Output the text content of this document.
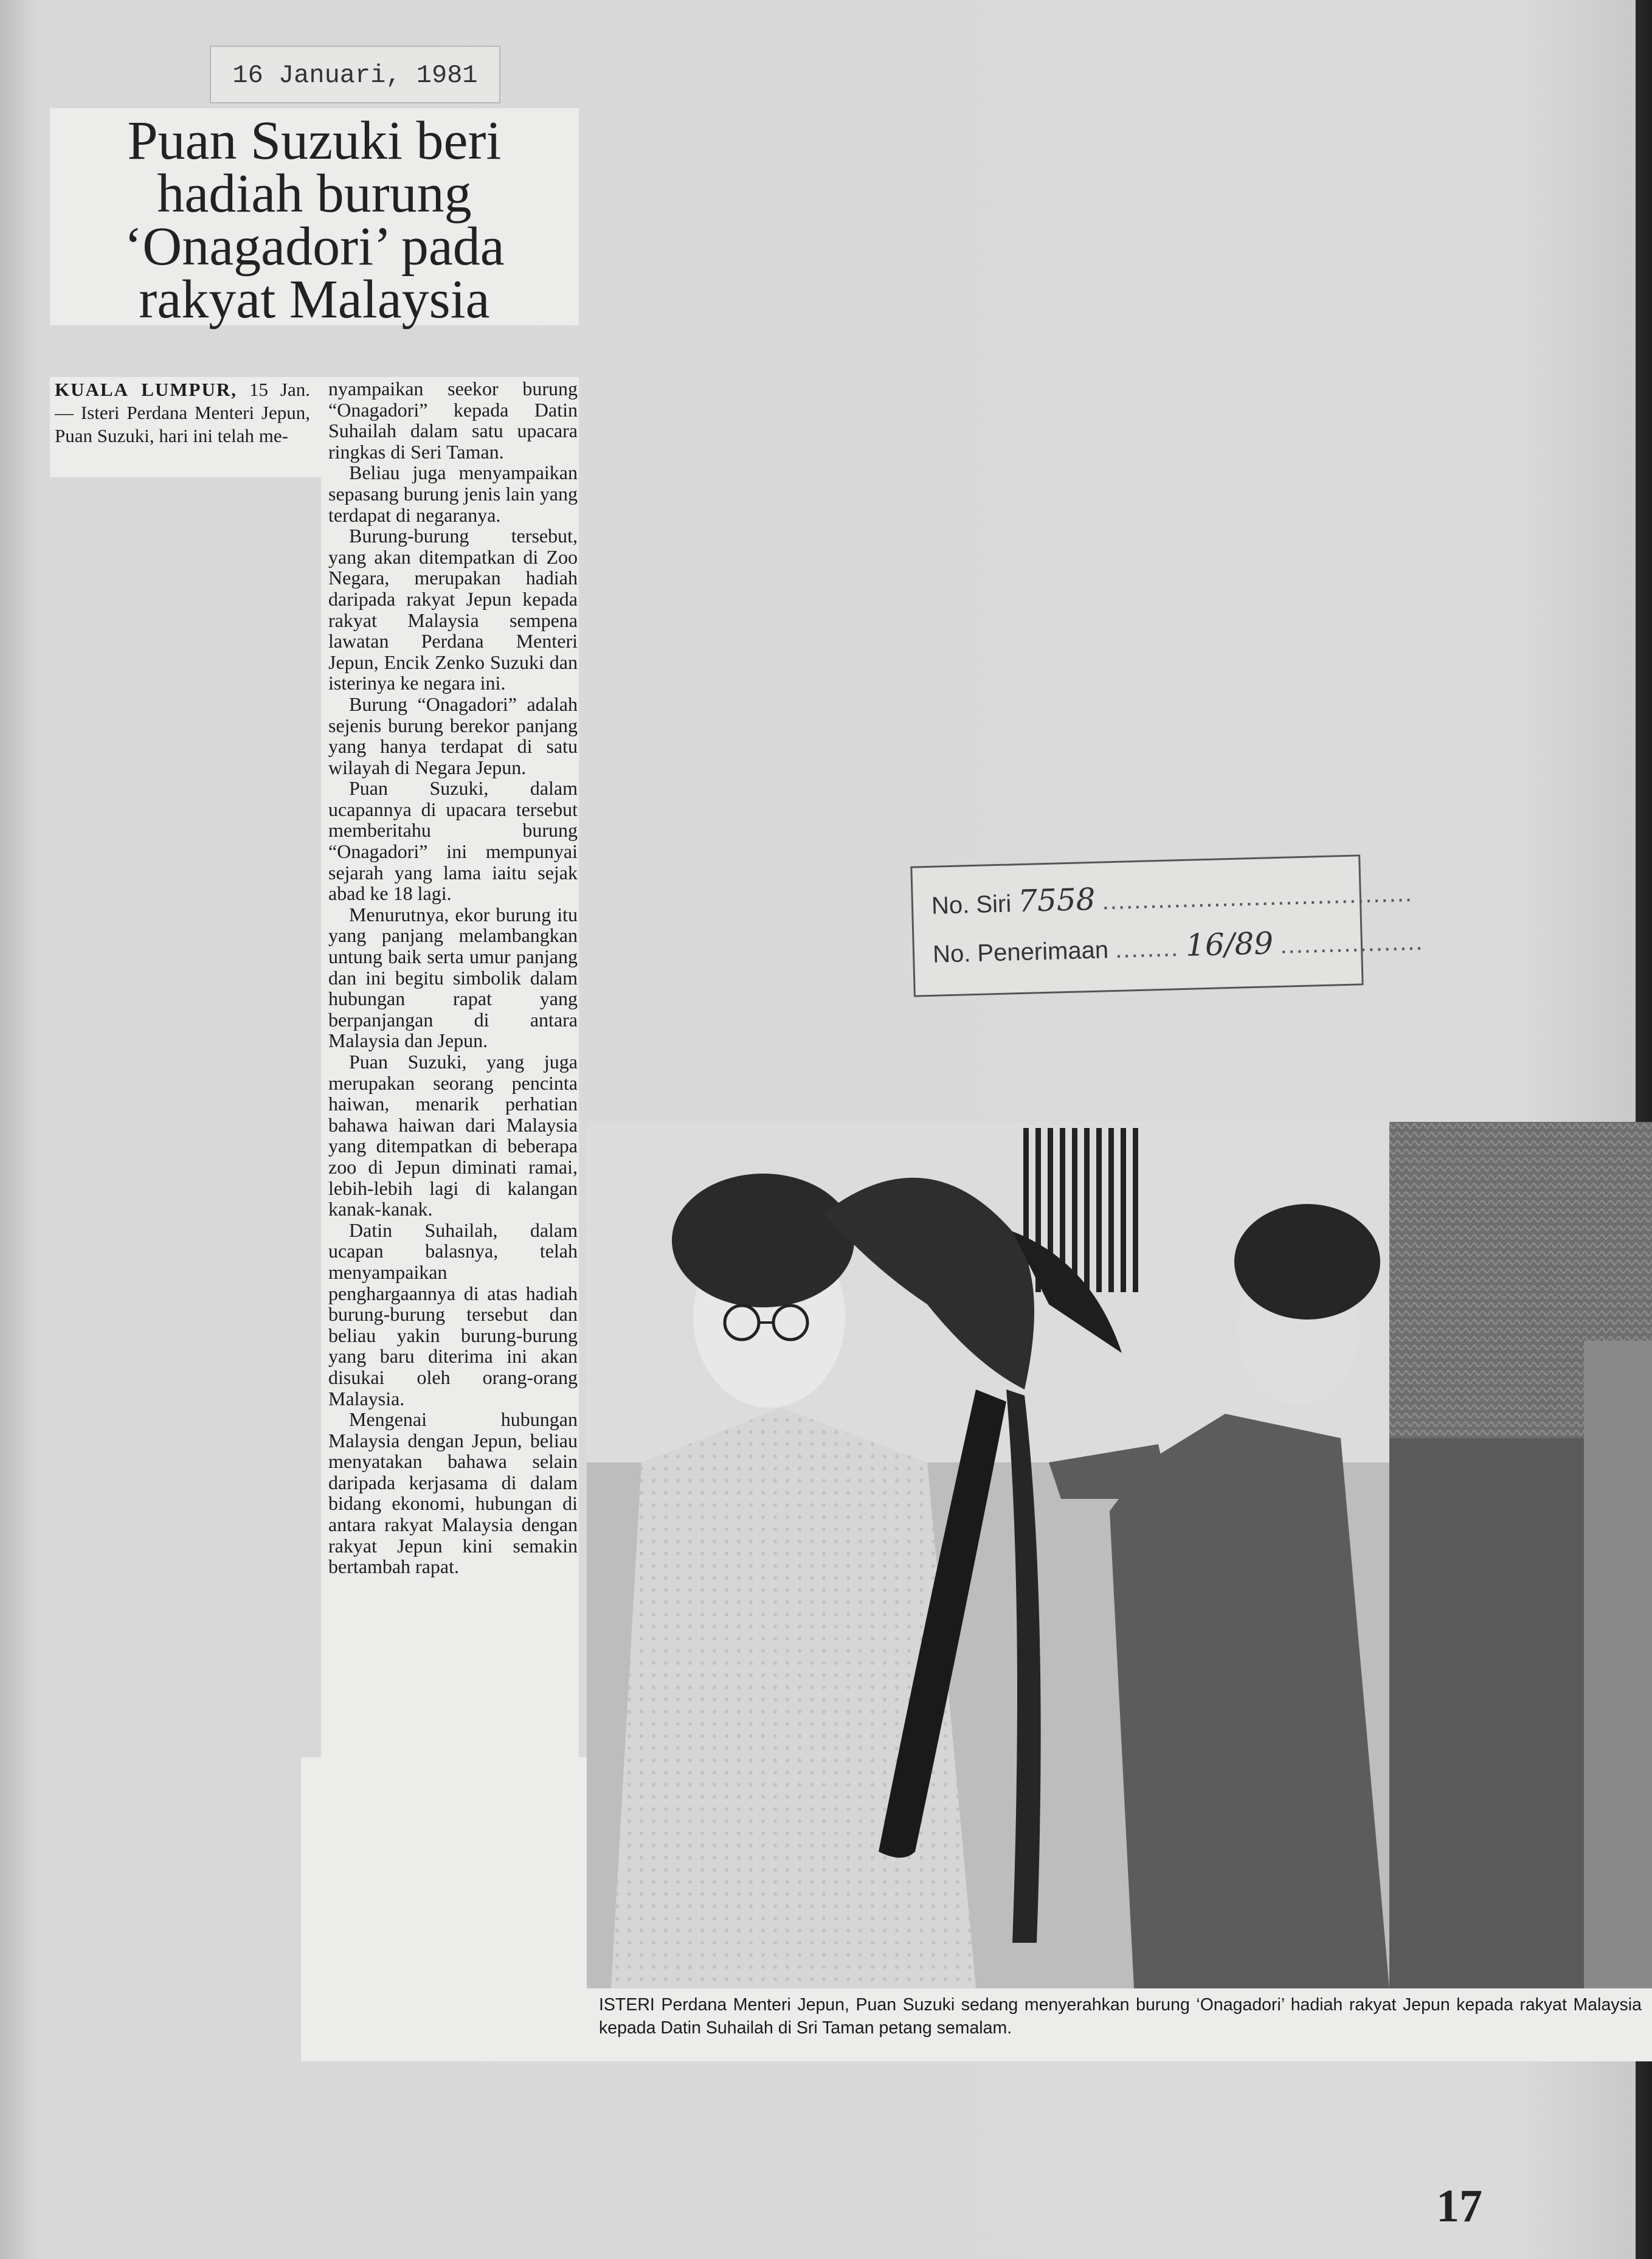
16 Januari, 1981
Puan Suzuki beri hadiah burung ‘Onagadori’ pada rakyat Malaysia
KUALA LUMPUR, 15 Jan. — Isteri Perdana Menteri Jepun, Puan Suzuki, hari ini telah me-

nyampaikan seekor burung “Onagadori” kepada Datin Suhailah dalam satu upacara ringkas di Seri Taman.

Beliau juga menyampaikan sepasang burung jenis lain yang terdapat di negaranya.

Burung-burung tersebut, yang akan ditempatkan di Zoo Negara, merupakan hadiah daripada rakyat Jepun kepada rakyat Malaysia sempena lawatan Perdana Menteri Jepun, Encik Zenko Suzuki dan isterinya ke negara ini.

Burung “Onagadori” adalah sejenis burung berekor panjang yang hanya terdapat di satu wilayah di Negara Jepun.

Puan Suzuki, dalam ucapannya di upacara tersebut memberitahu burung “Onagadori” ini mempunyai sejarah yang lama iaitu sejak abad ke 18 lagi.

Menurutnya, ekor burung itu yang panjang melambangkan untung baik serta umur panjang dan ini begitu simbolik dalam hubungan rapat yang berpanjangan di antara Malaysia dan Jepun.

Puan Suzuki, yang juga merupakan seorang pencinta haiwan, menarik perhatian bahawa haiwan dari Malaysia yang ditempatkan di beberapa zoo di Jepun diminati ramai, lebih-lebih lagi di kalangan kanak-kanak.

Datin Suhailah, dalam ucapan balasnya, telah menyampaikan penghargaannya di atas hadiah burung-burung tersebut dan beliau yakin burung-burung yang baru diterima ini akan disukai oleh orang-orang Malaysia.

Mengenai hubungan Malaysia dengan Jepun, beliau menyatakan bahawa selain daripada kerjasama di dalam bidang ekonomi, hubungan di antara rakyat Malaysia dengan rakyat Jepun kini semakin bertambah rapat.

No. Siri 7558 .......................................
No. Penerimaan ........ 16/89 ..................

ISTERI Perdana Menteri Jepun, Puan Suzuki sedang menyerahkan burung ‘Onagadori’ hadiah rakyat Jepun kepada rakyat Malaysia kepada Datin Suhailah di Sri Taman petang semalam.

17
